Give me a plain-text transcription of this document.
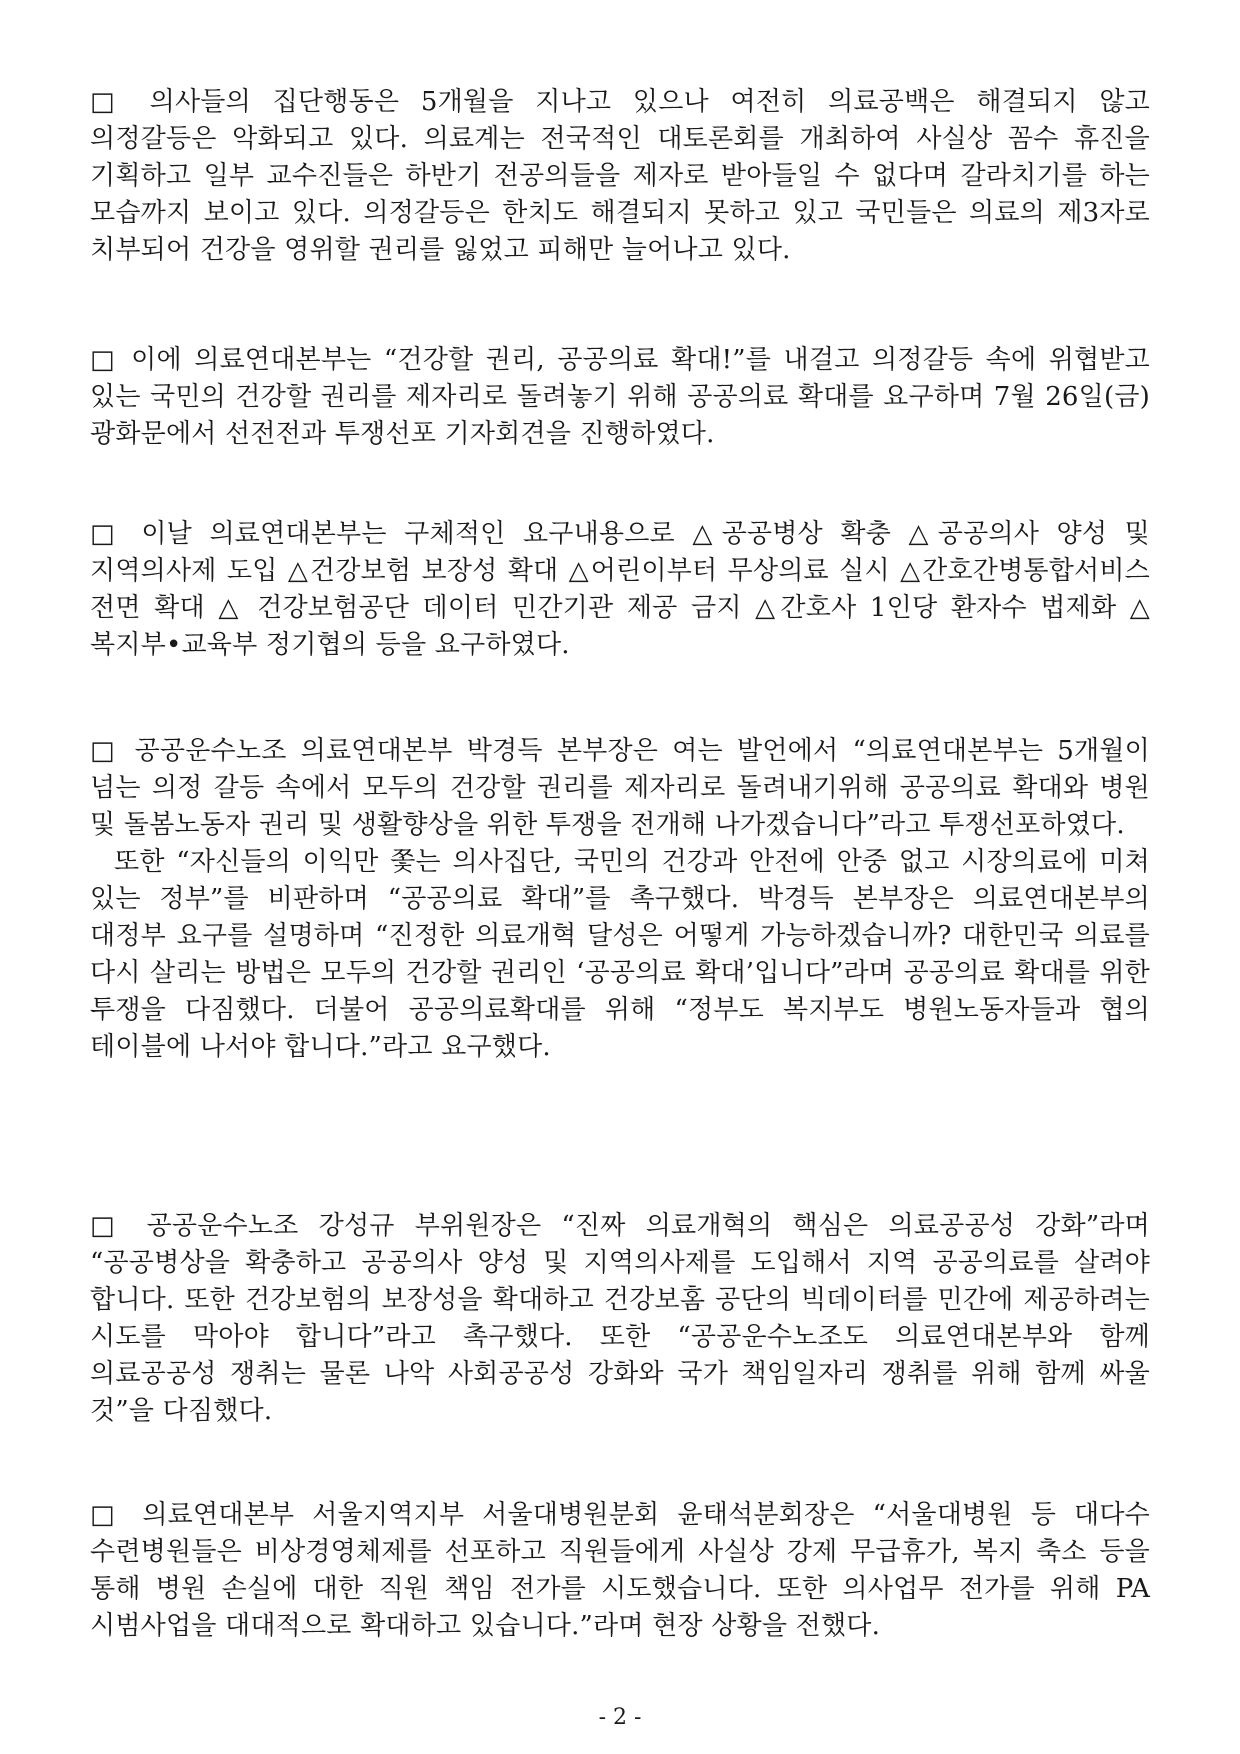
□ 의사들의 집단행동은 5개월을 지나고 있으나 여전히 의료공백은 해결되지 않고 의정갈등은 악화되고 있다. 의료계는 전국적인 대토론회를 개최하여 사실상 꼼수 휴진을 기획하고 일부 교수진들은 하반기 전공의들을 제자로 받아들일 수 없다며 갈라치기를 하는 모습까지 보이고 있다. 의정갈등은 한치도 해결되지 못하고 있고 국민들은 의료의 제3자로 치부되어 건강을 영위할 권리를 잃었고 피해만 늘어나고 있다.

□ 이에 의료연대본부는 “건강할 권리, 공공의료 확대!”를 내걸고 의정갈등 속에 위협받고 있는 국민의 건강할 권리를 제자리로 돌려놓기 위해 공공의료 확대를 요구하며 7월 26일(금) 광화문에서 선전전과 투쟁선포 기자회견을 진행하였다.

□ 이날 의료연대본부는 구체적인 요구내용으로 △공공병상 확충 △공공의사 양성 및 지역의사제 도입 △건강보험 보장성 확대 △어린이부터 무상의료 실시 △간호간병통합서비스 전면 확대 △ 건강보험공단 데이터 민간기관 제공 금지 △간호사 1인당 환자수 법제화 △ 복지부•교육부 정기협의 등을 요구하였다.

□ 공공운수노조 의료연대본부 박경득 본부장은 여는 발언에서 “의료연대본부는 5개월이 넘는 의정 갈등 속에서 모두의 건강할 권리를 제자리로 돌려내기위해 공공의료 확대와 병원 및 돌봄노동자 권리 및 생활향상을 위한 투쟁을 전개해 나가겠습니다”라고 투쟁선포하였다.
또한 “자신들의 이익만 쫓는 의사집단, 국민의 건강과 안전에 안중 없고 시장의료에 미쳐 있는 정부”를 비판하며 “공공의료 확대”를 촉구했다. 박경득 본부장은 의료연대본부의 대정부 요구를 설명하며 “진정한 의료개혁 달성은 어떻게 가능하겠습니까? 대한민국 의료를 다시 살리는 방법은 모두의 건강할 권리인 ‘공공의료 확대’입니다”라며 공공의료 확대를 위한 투쟁을 다짐했다. 더불어 공공의료확대를 위해 “정부도 복지부도 병원노동자들과 협의 테이블에 나서야 합니다.”라고 요구했다.

□ 공공운수노조 강성규 부위원장은 “진짜 의료개혁의 핵심은 의료공공성 강화”라며 “공공병상을 확충하고 공공의사 양성 및 지역의사제를 도입해서 지역 공공의료를 살려야 합니다. 또한 건강보험의 보장성을 확대하고 건강보홈 공단의 빅데이터를 민간에 제공하려는 시도를 막아야 합니다”라고 촉구했다. 또한 “공공운수노조도 의료연대본부와 함께 의료공공성 쟁취는 물론 나악 사회공공성 강화와 국가 책임일자리 쟁취를 위해 함께 싸울 것”을 다짐했다.

□ 의료연대본부 서울지역지부 서울대병원분회 윤태석분회장은 “서울대병원 등 대다수 수련병원들은 비상경영체제를 선포하고 직원들에게 사실상 강제 무급휴가, 복지 축소 등을 통해 병원 손실에 대한 직원 책임 전가를 시도했습니다. 또한 의사업무 전가를 위해 PA 시범사업을 대대적으로 확대하고 있습니다.”라며 현장 상황을 전했다.

- 2 -
